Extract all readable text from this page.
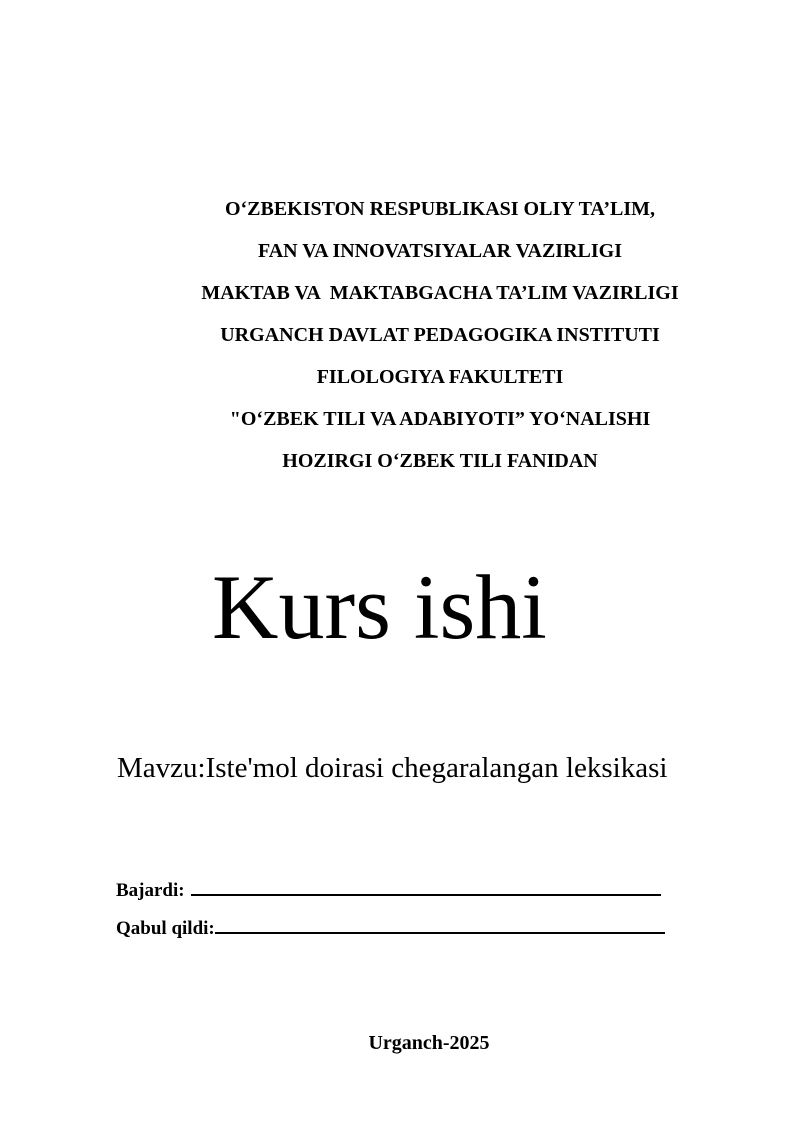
O‘ZBEKISTON RESPUBLIKASI OLIY TA’LIM,
FAN VA INNOVATSIYALAR VAZIRLIGI
MAKTAB VA  MAKTABGACHA TA’LIM VAZIRLIGI
URGANCH DAVLAT PEDAGOGIKA INSTITUTI
FILOLOGIYA FAKULTETI
"O‘ZBEK TILI VA ADABIYOTI” YO‘NALISHI
HOZIRGI O‘ZBEK TILI FANIDAN
Kurs ishi
Mavzu:Iste'mol doirasi chegaralangan leksikasi
Bajardi:
Qabul qildi:
Urganch-2025
